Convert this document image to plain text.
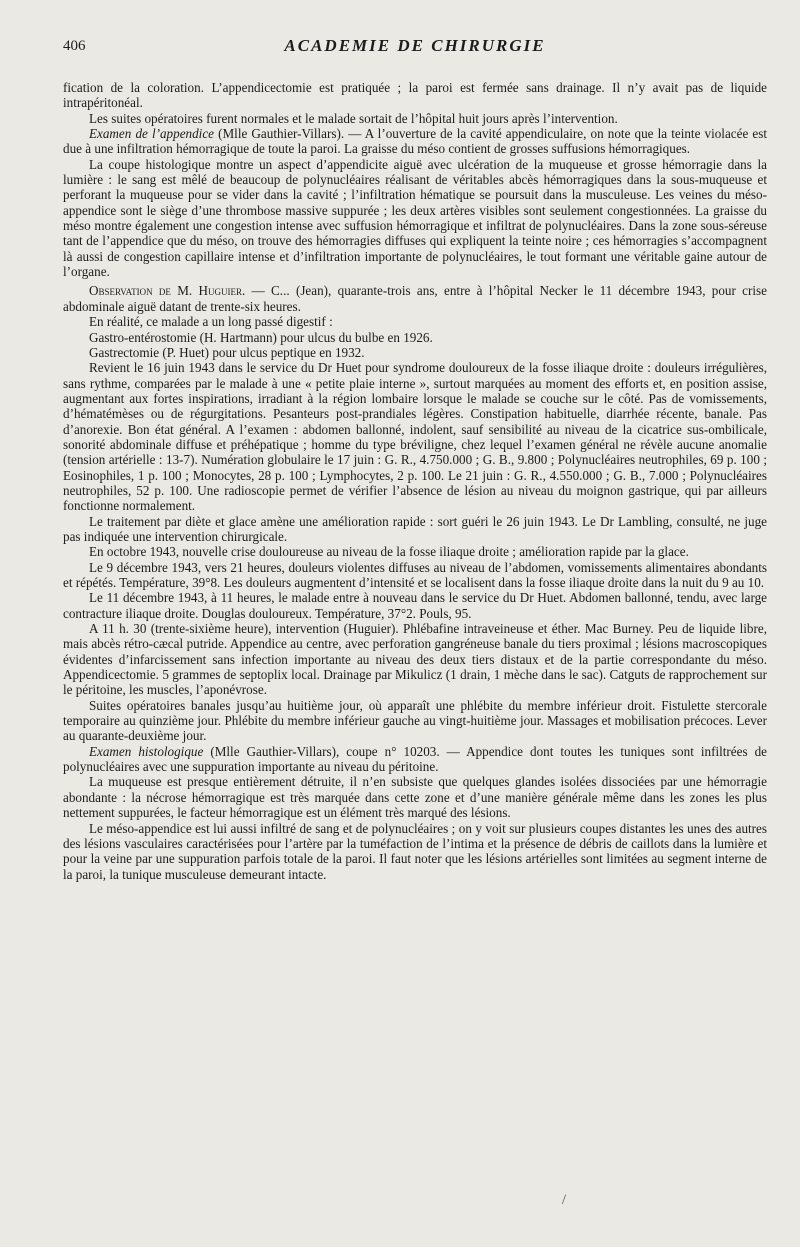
406	ACADEMIE DE CHIRURGIE

fication de la coloration. L’appendicectomie est pratiquée ; la paroi est fermée sans drainage. Il n’y avait pas de liquide intrapéritonéal.

Les suites opératoires furent normales et le malade sortait de l’hôpital huit jours après l’intervention.

Examen de l’appendice (Mlle Gauthier-Villars). — A l’ouverture de la cavité appendiculaire, on note que la teinte violacée est due à une infiltration hémorragique de toute la paroi. La graisse du méso contient de grosses suffusions hémorragiques.

La coupe histologique montre un aspect d’appendicite aiguë avec ulcération de la muqueuse et grosse hémorragie dans la lumière : le sang est mêlé de beaucoup de polynucléaires réalisant de véritables abcès hémorragiques dans la sous-muqueuse et perforant la muqueuse pour se vider dans la cavité ; l’infiltration hématique se poursuit dans la musculeuse. Les veines du méso-appendice sont le siège d’une thrombose massive suppurée ; les deux artères visibles sont seulement congestionnées. La graisse du méso montre également une congestion intense avec suffusion hémorragique et infiltrat de polynucléaires. Dans la zone sous-séreuse tant de l’appendice que du méso, on trouve des hémorragies diffuses qui expliquent la teinte noire ; ces hémorragies s’accompagnent là aussi de congestion capillaire intense et d’infiltration importante de polynucléaires, le tout formant une véritable gaine autour de l’organe.

Observation de M. Huguier. — C... (Jean), quarante-trois ans, entre à l’hôpital Necker le 11 décembre 1943, pour crise abdominale aiguë datant de trente-six heures.

En réalité, ce malade a un long passé digestif :

Gastro-entérostomie (H. Hartmann) pour ulcus du bulbe en 1926.

Gastrectomie (P. Huet) pour ulcus peptique en 1932.

Revient le 16 juin 1943 dans le service du Dr Huet pour syndrome douloureux de la fosse iliaque droite : douleurs irrégulières, sans rythme, comparées par le malade à une « petite plaie interne », surtout marquées au moment des efforts et, en position assise, augmentant aux fortes inspirations, irradiant à la région lombaire lorsque le malade se couche sur le côté. Pas de vomissements, d’hématémèses ou de régurgitations. Pesanteurs post-prandiales légères. Constipation habituelle, diarrhée récente, banale. Pas d’anorexie. Bon état général. A l’examen : abdomen ballonné, indolent, sauf sensibilité au niveau de la cicatrice sus-ombilicale, sonorité abdominale diffuse et préhépatique ; homme du type bréviligne, chez lequel l’examen général ne révèle aucune anomalie (tension artérielle : 13-7). Numération globulaire le 17 juin : G. R., 4.750.000 ; G. B., 9.800 ; Polynucléaires neutrophiles, 69 p. 100 ; Eosinophiles, 1 p. 100 ; Monocytes, 28 p. 100 ; Lymphocytes, 2 p. 100. Le 21 juin : G. R., 4.550.000 ; G. B., 7.000 ; Polynucléaires neutrophiles, 52 p. 100. Une radioscopie permet de vérifier l’absence de lésion au niveau du moignon gastrique, qui par ailleurs fonctionne normalement.

Le traitement par diète et glace amène une amélioration rapide : sort guéri le 26 juin 1943. Le Dr Lambling, consulté, ne juge pas indiquée une intervention chirurgicale.

En octobre 1943, nouvelle crise douloureuse au niveau de la fosse iliaque droite ; amélioration rapide par la glace.

Le 9 décembre 1943, vers 21 heures, douleurs violentes diffuses au niveau de l’abdomen, vomissements alimentaires abondants et répétés. Température, 39°8. Les douleurs augmentent d’intensité et se localisent dans la fosse iliaque droite dans la nuit du 9 au 10.

Le 11 décembre 1943, à 11 heures, le malade entre à nouveau dans le service du Dr Huet. Abdomen ballonné, tendu, avec large contracture iliaque droite. Douglas douloureux. Température, 37°2. Pouls, 95.

A 11 h. 30 (trente-sixième heure), intervention (Huguier). Phlébafine intraveineuse et éther. Mac Burney. Peu de liquide libre, mais abcès rétro-cæcal putride. Appendice au centre, avec perforation gangréneuse banale du tiers proximal ; lésions macroscopiques évidentes d’infarcissement sans infection importante au niveau des deux tiers distaux et de la partie correspondante du méso. Appendicectomie. 5 grammes de septoplix local. Drainage par Mikulicz (1 drain, 1 mèche dans le sac). Catguts de rapprochement sur le péritoine, les muscles, l’aponévrose.

Suites opératoires banales jusqu’au huitième jour, où apparaît une phlébite du membre inférieur droit. Fistulette stercorale temporaire au quinzième jour. Phlébite du membre inférieur gauche au vingt-huitième jour. Massages et mobilisation précoces. Lever au quarante-deuxième jour.

Examen histologique (Mlle Gauthier-Villars), coupe n° 10203. — Appendice dont toutes les tuniques sont infiltrées de polynucléaires avec une suppuration importante au niveau du péritoine.

La muqueuse est presque entièrement détruite, il n’en subsiste que quelques glandes isolées dissociées par une hémorragie abondante : la nécrose hémorragique est très marquée dans cette zone et d’une manière générale même dans les zones les plus nettement suppurées, le facteur hémorragique est un élément très marqué des lésions.

Le méso-appendice est lui aussi infiltré de sang et de polynucléaires ; on y voit sur plusieurs coupes distantes les unes des autres des lésions vasculaires caractérisées pour l’artère par la tuméfaction de l’intima et la présence de débris de caillots dans la lumière et pour la veine par une suppuration parfois totale de la paroi. Il faut noter que les lésions artérielles sont limitées au segment interne de la paroi, la tunique musculeuse demeurant intacte.

/
